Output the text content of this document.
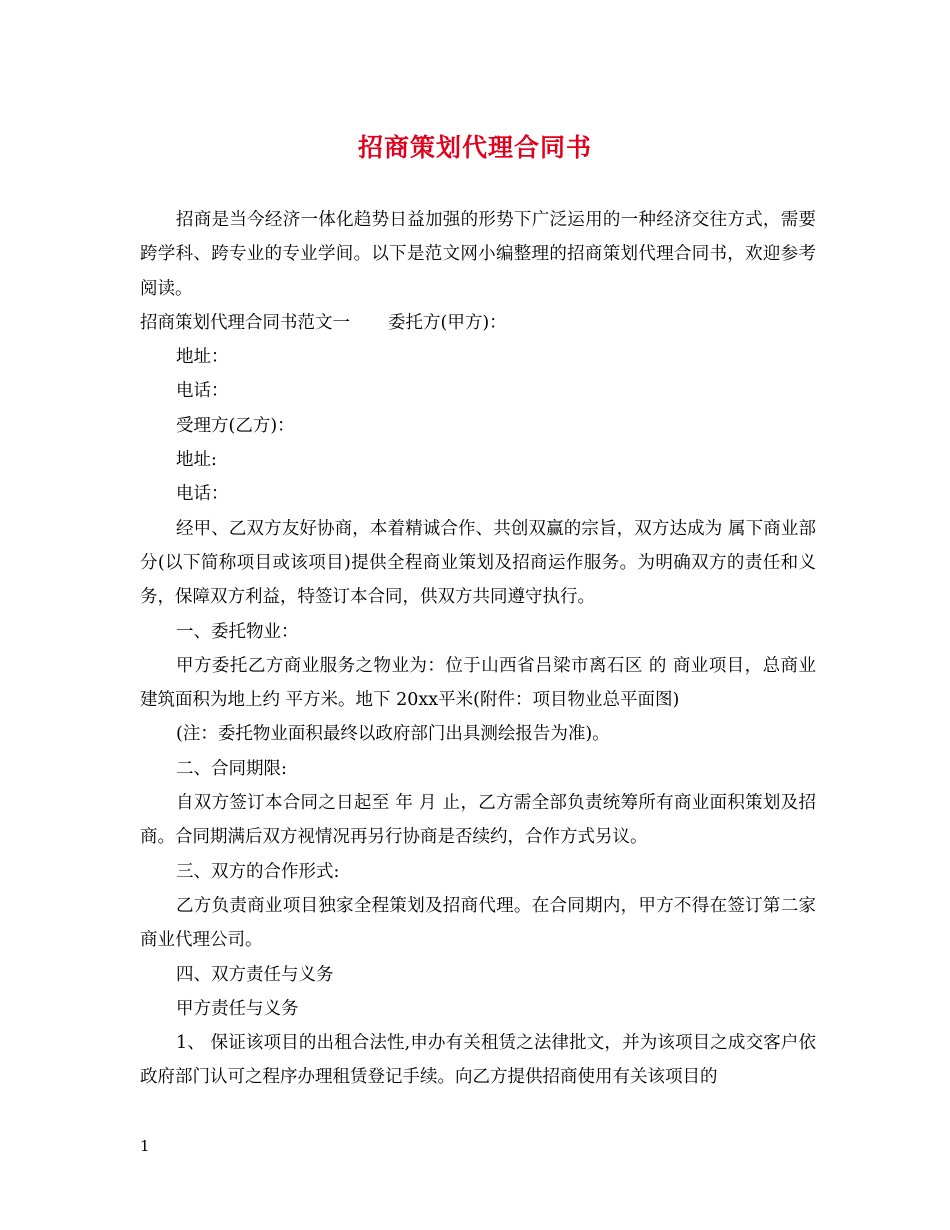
招商策划代理合同书

招商是当今经济一体化趋势日益加强的形势下广泛运用的一种经济交往方式，需要跨学科、跨专业的专业学间。以下是范文网小编整理的招商策划代理合同书，欢迎参考阅读。

招商策划代理合同书范文一 委托方(甲方)：

地址：

电话：

受理方(乙方)：

地址:

电话：

经甲、乙双方友好协商，本着精诚合作、共创双赢的宗旨，双方达成为 属下商业部分(以下简称项目或该项目)提供全程商业策划及招商运作服务。为明确双方的责任和义务，保障双方利益，特签订本合同，供双方共同遵守执行。

一、委托物业：

甲方委托乙方商业服务之物业为：位于山西省吕梁市离石区 的 商业项目，总商业建筑面积为地上约 平方米。地下 20xx平米(附件：项目物业总平面图)

(注：委托物业面积最终以政府部门出具测绘报告为准)。

二、合同期限:

自双方签订本合同之日起至 年 月 止，乙方需全部负责统筹所有商业面积策划及招商。合同期满后双方视情况再另行协商是否续约，合作方式另议。

三、双方的合作形式:

乙方负责商业项目独家全程策划及招商代理。在合同期内，甲方不得在签订第二家商业代理公司。

四、双方责任与义务

甲方责任与义务

1、 保证该项目的出租合法性,申办有关租赁之法律批文，并为该项目之成交客户依政府部门认可之程序办理租赁登记手续。向乙方提供招商使用有关该项目的

1
